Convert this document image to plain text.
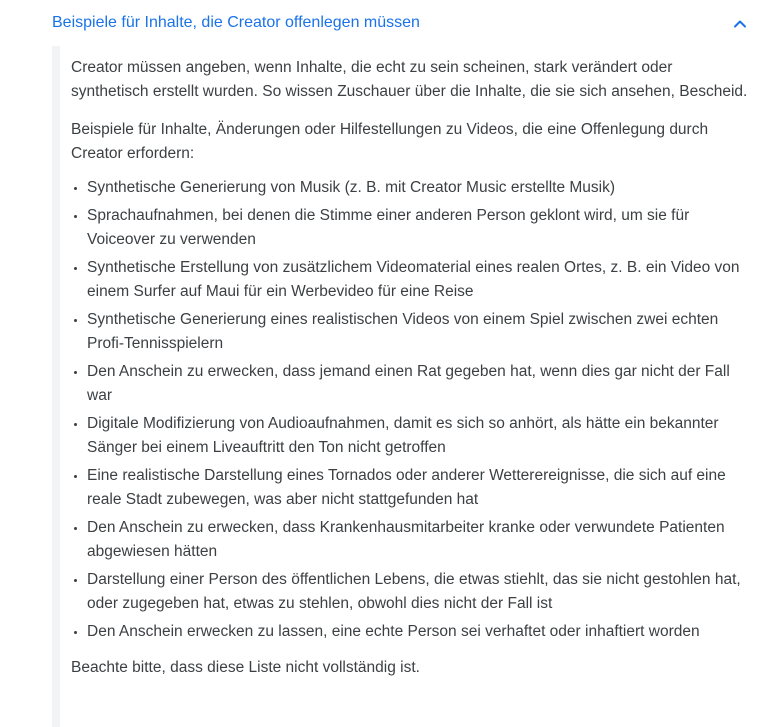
Beispiele für Inhalte, die Creator offenlegen müssen

Creator müssen angeben, wenn Inhalte, die echt zu sein scheinen, stark verändert oder synthetisch erstellt wurden. So wissen Zuschauer über die Inhalte, die sie sich ansehen, Bescheid.

Beispiele für Inhalte, Änderungen oder Hilfestellungen zu Videos, die eine Offenlegung durch Creator erfordern:

Synthetische Generierung von Musik (z. B. mit Creator Music erstellte Musik)
Sprachaufnahmen, bei denen die Stimme einer anderen Person geklont wird, um sie für Voiceover zu verwenden
Synthetische Erstellung von zusätzlichem Videomaterial eines realen Ortes, z. B. ein Video von einem Surfer auf Maui für ein Werbevideo für eine Reise
Synthetische Generierung eines realistischen Videos von einem Spiel zwischen zwei echten Profi-Tennisspielern
Den Anschein zu erwecken, dass jemand einen Rat gegeben hat, wenn dies gar nicht der Fall war
Digitale Modifizierung von Audioaufnahmen, damit es sich so anhört, als hätte ein bekannter Sänger bei einem Liveauftritt den Ton nicht getroffen
Eine realistische Darstellung eines Tornados oder anderer Wetterereignisse, die sich auf eine reale Stadt zubewegen, was aber nicht stattgefunden hat
Den Anschein zu erwecken, dass Krankenhausmitarbeiter kranke oder verwundete Patienten abgewiesen hätten
Darstellung einer Person des öffentlichen Lebens, die etwas stiehlt, das sie nicht gestohlen hat, oder zugegeben hat, etwas zu stehlen, obwohl dies nicht der Fall ist
Den Anschein erwecken zu lassen, eine echte Person sei verhaftet oder inhaftiert worden

Beachte bitte, dass diese Liste nicht vollständig ist.
